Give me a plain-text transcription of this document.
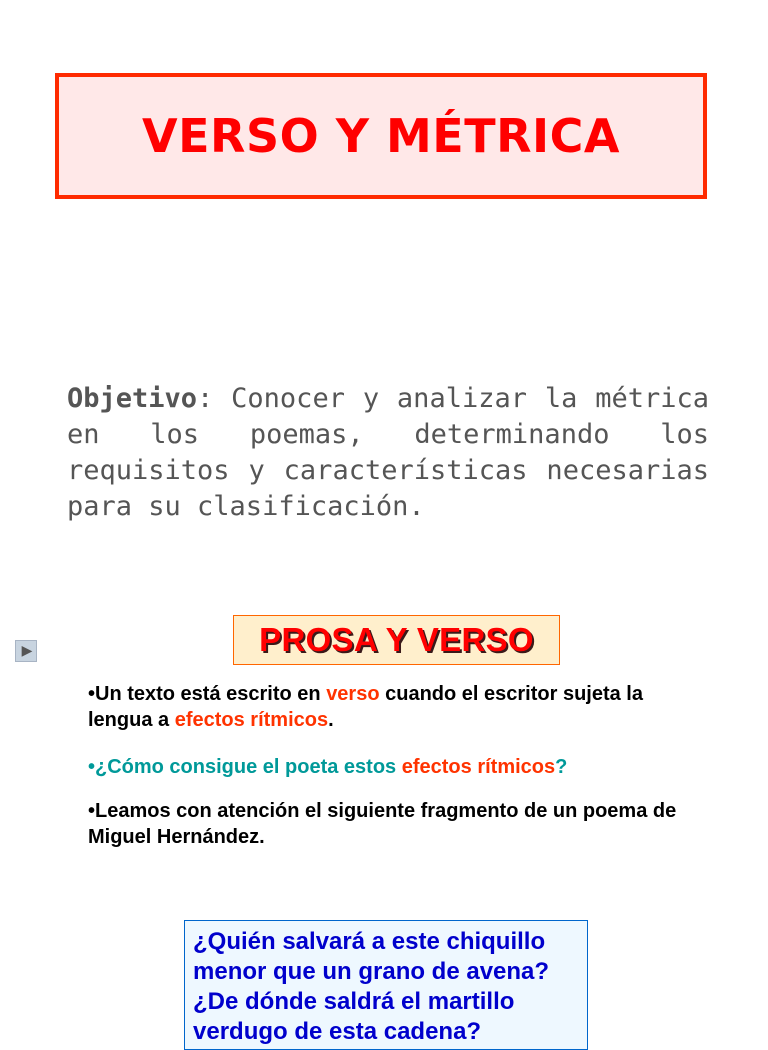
VERSO Y MÉTRICA
Objetivo: Conocer y analizar la métrica en los poemas, determinando los requisitos y características necesarias para su clasificación.
▶	PROSA Y VERSO

•Un texto está escrito en verso cuando el escritor sujeta la lengua a efectos rítmicos.

•¿Cómo consigue el poeta estos efectos rítmicos?

•Leamos con atención el siguiente fragmento de un poema de Miguel Hernández.

¿Quién salvará a este chiquillo
menor que un grano de avena?
¿De dónde saldrá el martillo
verdugo de esta cadena?
